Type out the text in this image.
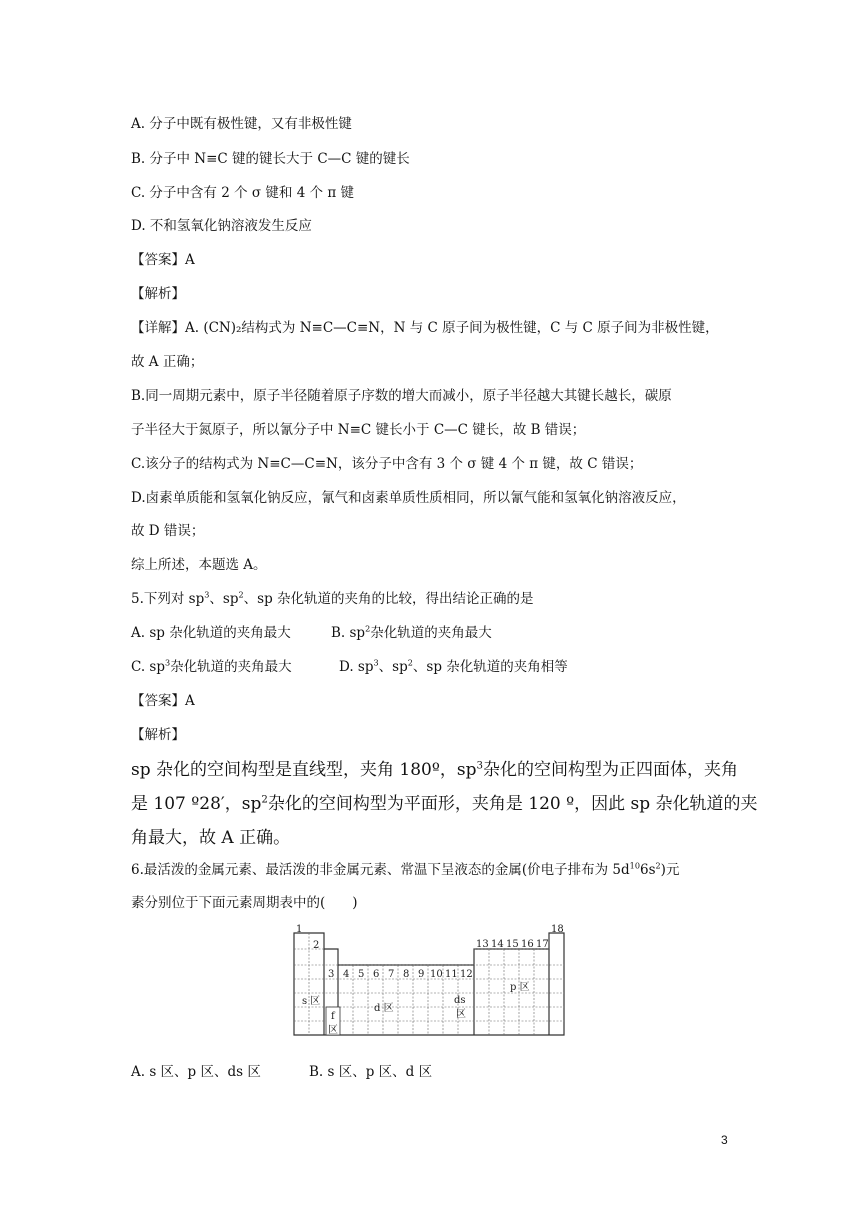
A. 分子中既有极性键，又有非极性键
B. 分子中 N≡C 键的键长大于 C—C 键的键长
C. 分子中含有 2 个 σ 键和 4 个 π 键
D. 不和氢氧化钠溶液发生反应
【答案】A
【解析】
【详解】A. (CN)₂结构式为 N≡C—C≡N，N 与 C 原子间为极性键，C 与 C 原子间为非极性键，
故 A 正确；
B.同一周期元素中，原子半径随着原子序数的增大而减小，原子半径越大其键长越长，碳原
子半径大于氮原子，所以氰分子中 N≡C 键长小于 C—C 键长，故 B 错误；
C.该分子的结构式为 N≡C—C≡N，该分子中含有 3 个 σ 键 4 个 π 键，故 C 错误；
D.卤素单质能和氢氧化钠反应，氰气和卤素单质性质相同，所以氰气能和氢氧化钠溶液反应，
故 D 错误；
综上所述，本题选 A。
5.下列对 $sp^3$、$sp^2$、sp 杂化轨道的夹角的比较，得出结论正确的是
A. sp 杂化轨道的夹角最大	B. $sp^2$杂化轨道的夹角最大
C. $sp^3$杂化轨道的夹角最大	D. $sp^3$、$sp^2$、sp 杂化轨道的夹角相等
【答案】A
【解析】
sp 杂化的空间构型是直线型，夹角 180º，$sp^3$杂化的空间构型为正四面体，夹角
是 107 º28′，$sp^2$杂化的空间构型为平面形，夹角是 120 º，因此 sp 杂化轨道的夹
角最大，故 A 正确。
6.最活泼的金属元素、最活泼的非金属元素、常温下呈液态的金属(价电子排布为 $5d^{10}6s^2$)元
素分别位于下面元素周期表中的(　　)
1
2
3 4 5 6 7 8 9 10 11 12
13 14 15 16 17
18
s 区
d 区
ds
区
p 区
f
区
A. s 区、p 区、ds 区	B. s 区、p 区、d 区
3
